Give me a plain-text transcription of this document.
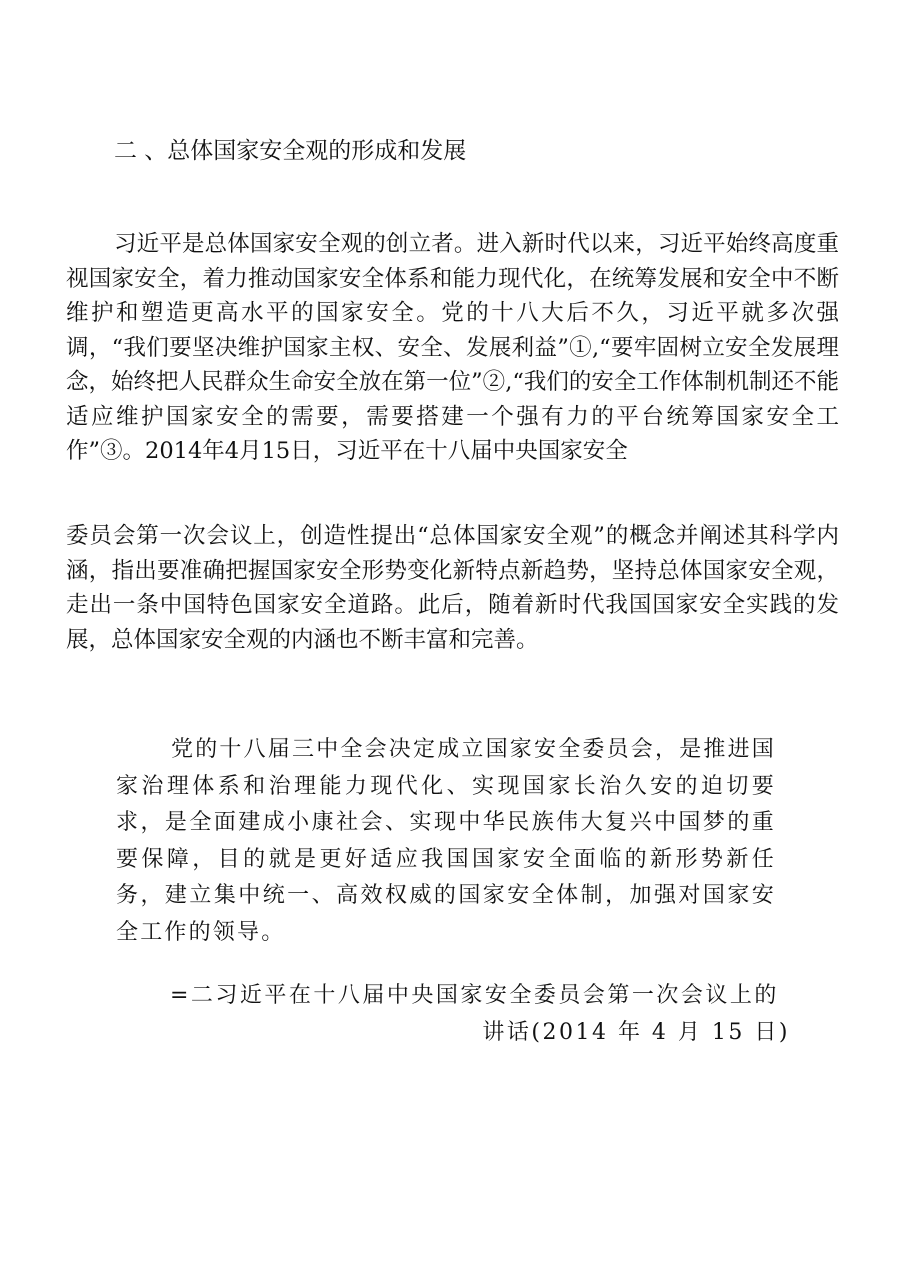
二 、总体国家安全观的形成和发展

习近平是总体国家安全观的创立者。进入新时代以来，习近平始终高度重视国家安全，着力推动国家安全体系和能力现代化，在统筹发展和安全中不断维护和塑造更高水平的国家安全。党的十八大后不久，习近平就多次强调，“我们要坚决维护国家主权、安全、发展利益”①,“要牢固树立安全发展理念，始终把人民群众生命安全放在第一位”②,“我们的安全工作体制机制还不能适应维护国家安全的需要，需要搭建一个强有力的平台统筹国家安全工作”③。2014年4月15日，习近平在十八届中央国家安全

委员会第一次会议上，创造性提出“总体国家安全观”的概念并阐述其科学内涵，指出要准确把握国家安全形势变化新特点新趋势，坚持总体国家安全观，走出一条中国特色国家安全道路。此后，随着新时代我国国家安全实践的发展，总体国家安全观的内涵也不断丰富和完善。

党的十八届三中全会决定成立国家安全委员会，是推进国家治理体系和治理能力现代化、实现国家长治久安的迫切要求，是全面建成小康社会、实现中华民族伟大复兴中国梦的重要保障，目的就是更好适应我国国家安全面临的新形势新任务，建立集中统一、高效权威的国家安全体制，加强对国家安全工作的领导。

=二习近平在十八届中央国家安全委员会第一次会议上的
讲话(2014 年 4 月 15 日)
